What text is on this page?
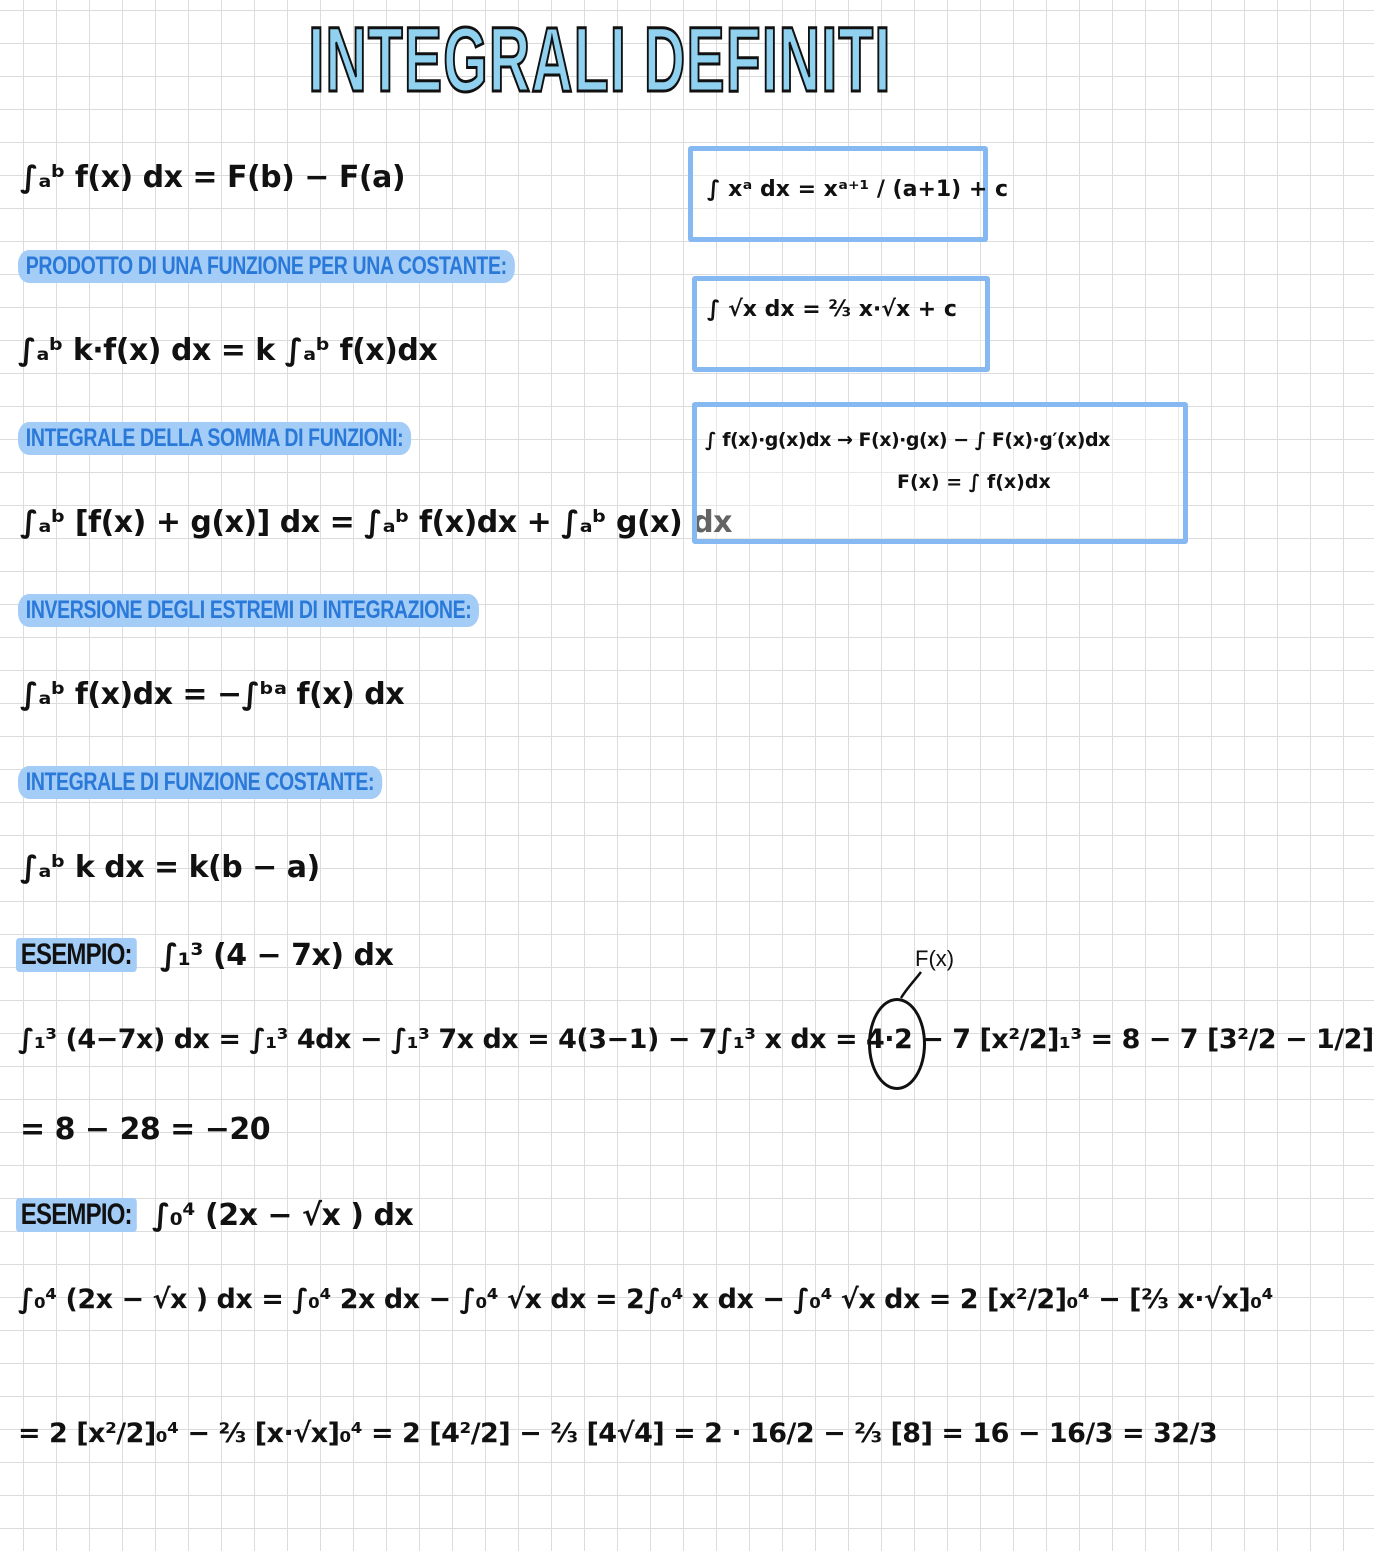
INTEGRALI DEFINITI
∫ₐᵇ f(x) dx = F(b) − F(a)
PRODOTTO DI UNA FUNZIONE PER UNA COSTANTE:
∫ₐᵇ k·f(x) dx = k ∫ₐᵇ f(x)dx
INTEGRALE DELLA SOMMA DI FUNZIONI:
∫ₐᵇ [f(x) + g(x)] dx = ∫ₐᵇ f(x)dx + ∫ₐᵇ g(x) dx
INVERSIONE DEGLI ESTREMI DI INTEGRAZIONE:
∫ₐᵇ f(x)dx = −∫ᵇᵃ f(x) dx
INTEGRALE DI FUNZIONE COSTANTE:
∫ₐᵇ k dx = k(b − a)
∫ xᵃ dx = xᵃ⁺¹ / (a+1) + c
∫ √x dx = ⅔ x·√x + c
∫ f(x)·g(x)dx → F(x)·g(x) − ∫ F(x)·g′(x)dx
F(x) = ∫ f(x)dx
ESEMPIO: ∫₁³ (4 − 7x) dx	F(x)
∫₁³ (4−7x) dx = ∫₁³ 4dx − ∫₁³ 7x dx = 4(3−1) − 7∫₁³ x dx = 4·2 − 7 [x²/2]₁³ = 8 − 7 [3²/2 − 1/2]
= 8 − 28 = −20
ESEMPIO: ∫₀⁴ (2x − √x ) dx
∫₀⁴ (2x − √x ) dx = ∫₀⁴ 2x dx − ∫₀⁴ √x dx = 2∫₀⁴ x dx − ∫₀⁴ √x dx = 2 [x²/2]₀⁴ − [⅔ x·√x]₀⁴
= 2 [x²/2]₀⁴ − ⅔ [x·√x]₀⁴ = 2 [4²/2] − ⅔ [4√4] = 2 · 16/2 − ⅔ [8] = 16 − 16/3 = 32/3
